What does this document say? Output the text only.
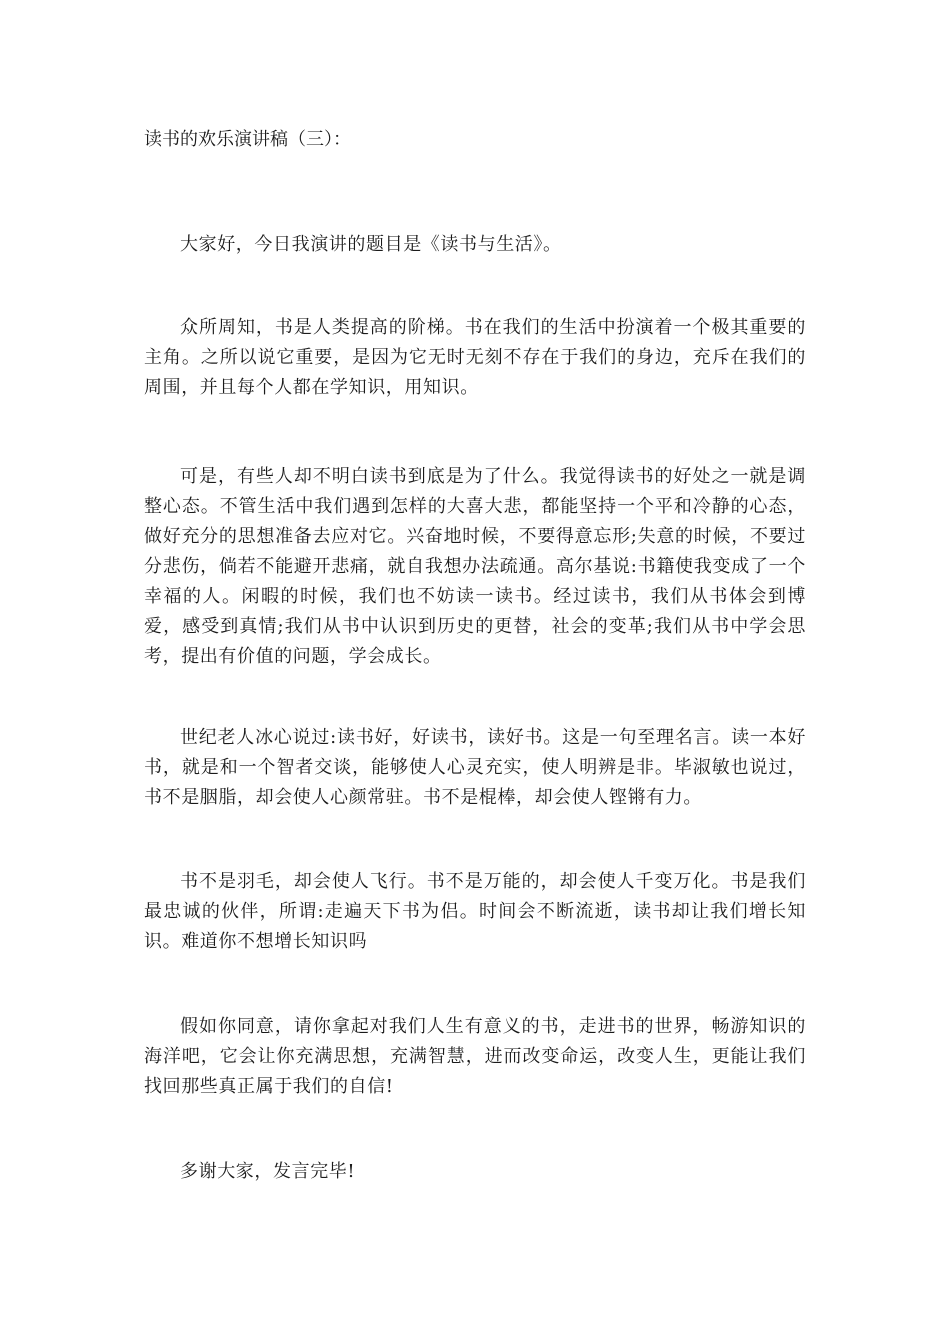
读书的欢乐演讲稿（三）：

大家好，今日我演讲的题目是《读书与生活》。

众所周知，书是人类提高的阶梯。书在我们的生活中扮演着一个极其重要的主角。之所以说它重要，是因为它无时无刻不存在于我们的身边，充斥在我们的周围，并且每个人都在学知识，用知识。

可是，有些人却不明白读书到底是为了什么。我觉得读书的好处之一就是调整心态。不管生活中我们遇到怎样的大喜大悲，都能坚持一个平和冷静的心态，做好充分的思想准备去应对它。兴奋地时候，不要得意忘形;失意的时候，不要过分悲伤，倘若不能避开悲痛，就自我想办法疏通。高尔基说:书籍使我变成了一个幸福的人。闲暇的时候，我们也不妨读一读书。经过读书，我们从书体会到博爱，感受到真情;我们从书中认识到历史的更替，社会的变革;我们从书中学会思考，提出有价值的问题，学会成长。

世纪老人冰心说过:读书好，好读书，读好书。这是一句至理名言。读一本好书，就是和一个智者交谈，能够使人心灵充实，使人明辨是非。毕淑敏也说过，书不是胭脂，却会使人心颜常驻。书不是棍棒，却会使人铿锵有力。

书不是羽毛，却会使人飞行。书不是万能的，却会使人千变万化。书是我们最忠诚的伙伴，所谓:走遍天下书为侣。时间会不断流逝，读书却让我们增长知识。难道你不想增长知识吗

假如你同意，请你拿起对我们人生有意义的书，走进书的世界，畅游知识的海洋吧，它会让你充满思想，充满智慧，进而改变命运，改变人生，更能让我们找回那些真正属于我们的自信!

多谢大家，发言完毕!
